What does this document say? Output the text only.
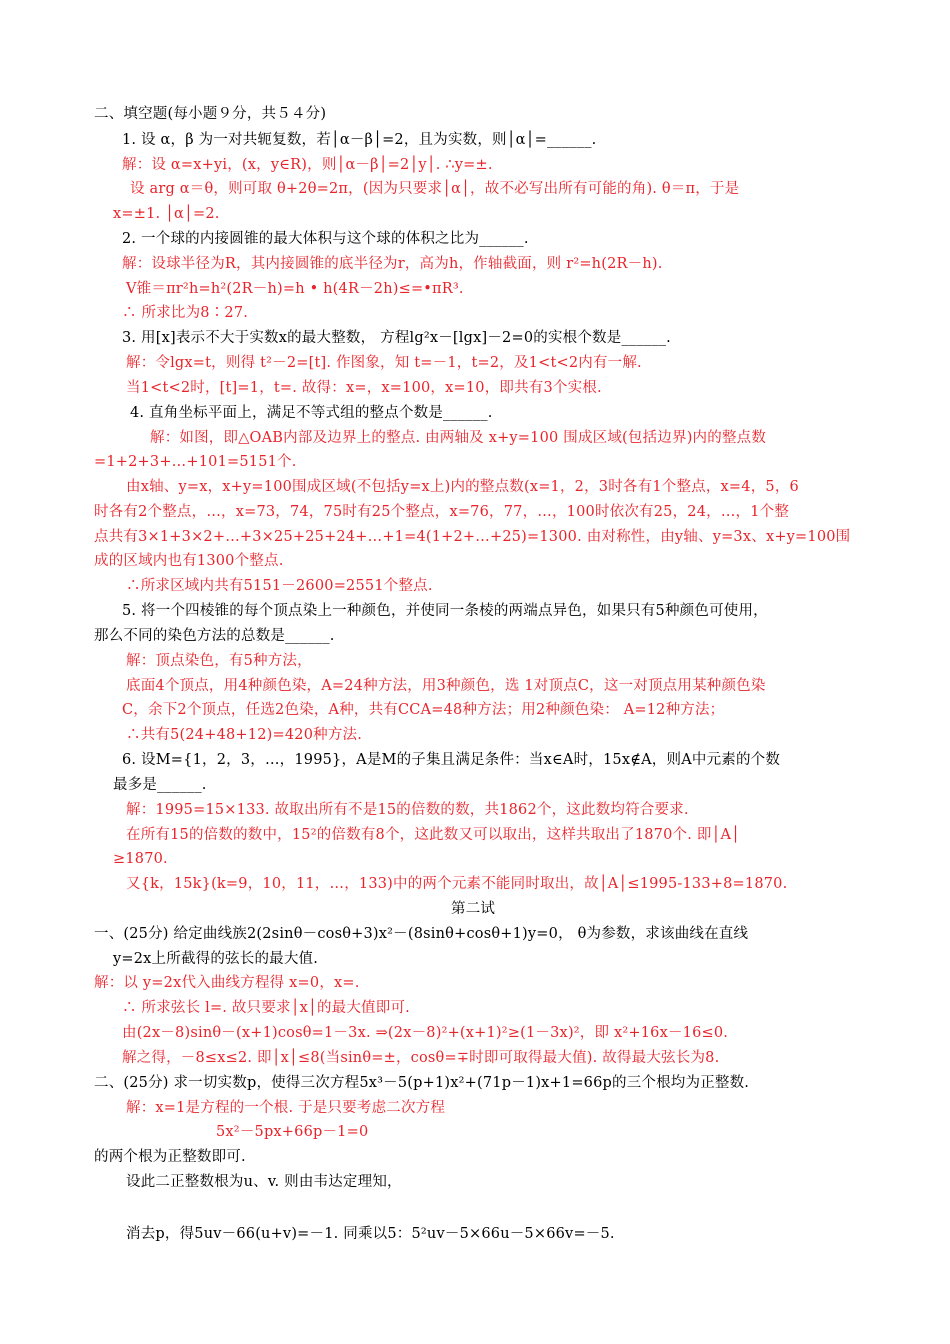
二、填空题(每小题９分，共５４分)
1. 设 α，β 为一对共轭复数，若│α－β│=2，且为实数，则│α│=______.
解：设 α=x+yi，(x，y∈R)，则│α－β│=2│y│. ∴y=±.
设 arg α＝θ，则可取 θ+2θ=2π，(因为只要求│α│，故不必写出所有可能的角). θ＝π，于是
x=±1. │α│=2.
2. 一个球的内接圆锥的最大体积与这个球的体积之比为______.
解：设球半径为R，其内接圆锥的底半径为r，高为h，作轴截面，则 r²=h(2R－h).
V锥＝πr²h=h²(2R－h)=h • h(4R－2h)≤=•πR³.
∴ 所求比为8∶27.
3. 用[x]表示不大于实数x的最大整数， 方程lg²x－[lgx]－2=0的实根个数是______.
解：令lgx=t，则得 t²－2=[t]. 作图象，知 t=－1，t=2，及1<t<2内有一解.
当1<t<2时，[t]=1，t=. 故得：x=，x=100，x=10，即共有3个实根.
4. 直角坐标平面上，满足不等式组的整点个数是______.
解：如图，即△OAB内部及边界上的整点. 由两轴及 x+y=100 围成区域(包括边界)内的整点数
=1+2+3+…+101=5151个.
由x轴、y=x，x+y=100围成区域(不包括y=x上)内的整点数(x=1，2，3时各有1个整点，x=4，5，6
时各有2个整点，…，x=73，74，75时有25个整点，x=76，77，…，100时依次有25，24，…，1个整
点共有3×1+3×2+…+3×25+25+24+…+1=4(1+2+…+25)=1300. 由对称性，由y轴、y=3x、x+y=100围
成的区域内也有1300个整点.
∴所求区域内共有5151－2600=2551个整点.
5. 将一个四棱锥的每个顶点染上一种颜色，并使同一条棱的两端点异色，如果只有5种颜色可使用，
那么不同的染色方法的总数是______.
解：顶点染色，有5种方法，
底面4个顶点，用4种颜色染，A=24种方法，用3种颜色，选 1对顶点C，这一对顶点用某种颜色染
C，余下2个顶点，任选2色染，A种，共有CCA=48种方法；用2种颜色染： A=12种方法；
∴共有5(24+48+12)=420种方法.
6. 设M={1，2，3，…，1995}，A是M的子集且满足条件：当x∈A时，15x∉A，则A中元素的个数
最多是______.
解：1995=15×133. 故取出所有不是15的倍数的数，共1862个，这此数均符合要求.
在所有15的倍数的数中，15²的倍数有8个，这此数又可以取出，这样共取出了1870个. 即│A│
≥1870.
又{k，15k}(k=9，10，11，…，133)中的两个元素不能同时取出，故│A│≤1995-133+8=1870.
第二试
一、(25分) 给定曲线族2(2sinθ－cosθ+3)x²－(8sinθ+cosθ+1)y=0， θ为参数，求该曲线在直线
y=2x上所截得的弦长的最大值.
解：以 y=2x代入曲线方程得 x=0，x=.
∴ 所求弦长 l=. 故只要求│x│的最大值即可.
由(2x－8)sinθ－(x+1)cosθ=1－3x. ⇒(2x－8)²+(x+1)²≥(1－3x)²，即 x²+16x－16≤0.
解之得，－8≤x≤2. 即│x│≤8(当sinθ=±，cosθ=∓时即可取得最大值). 故得最大弦长为8.
二、(25分) 求一切实数p，使得三次方程5x³－5(p+1)x²+(71p－1)x+1=66p的三个根均为正整数.
解：x=1是方程的一个根. 于是只要考虑二次方程
5x²－5px+66p－1=0
的两个根为正整数即可.
设此二正整数根为u、v. 则由韦达定理知，
消去p，得5uv－66(u+v)=－1. 同乘以5：5²uv－5×66u－5×66v=－5.
